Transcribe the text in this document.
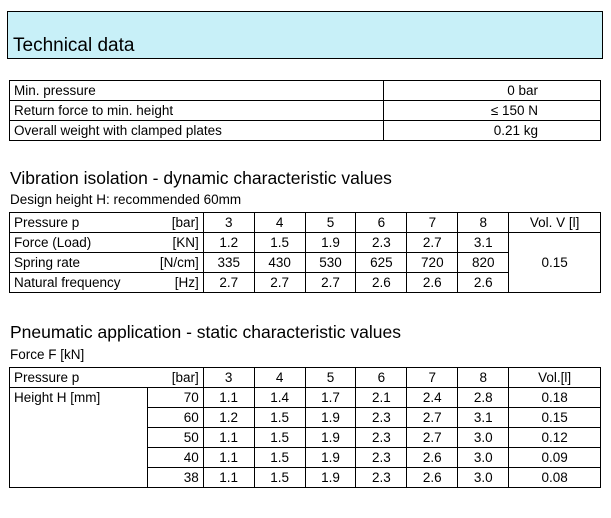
Technical data
Min. pressure	0 bar
Return force to min. height	≤ 150 N
Overall weight with clamped plates	0.21 kg
Vibration isolation - dynamic characteristic values
Design height H: recommended 60mm
Pressure p	[bar]	3	4	5	6	7	8	Vol. V [l]
Force (Load)	[KN]	1.2	1.5	1.9	2.3	2.7	3.1	0.15
Spring rate	[N/cm]	335	430	530	625	720	820	
Natural frequency	[Hz]	2.7	2.7	2.7	2.6	2.6	2.6	
Pneumatic application - static characteristic values
Force F [kN]
Pressure p	[bar]	3	4	5	6	7	8	Vol.[l]
Height H [mm]	70	1.1	1.4	1.7	2.1	2.4	2.8	0.18
	60	1.2	1.5	1.9	2.3	2.7	3.1	0.15
	50	1.1	1.5	1.9	2.3	2.7	3.0	0.12
	40	1.1	1.5	1.9	2.3	2.6	3.0	0.09
	38	1.1	1.5	1.9	2.3	2.6	3.0	0.08
